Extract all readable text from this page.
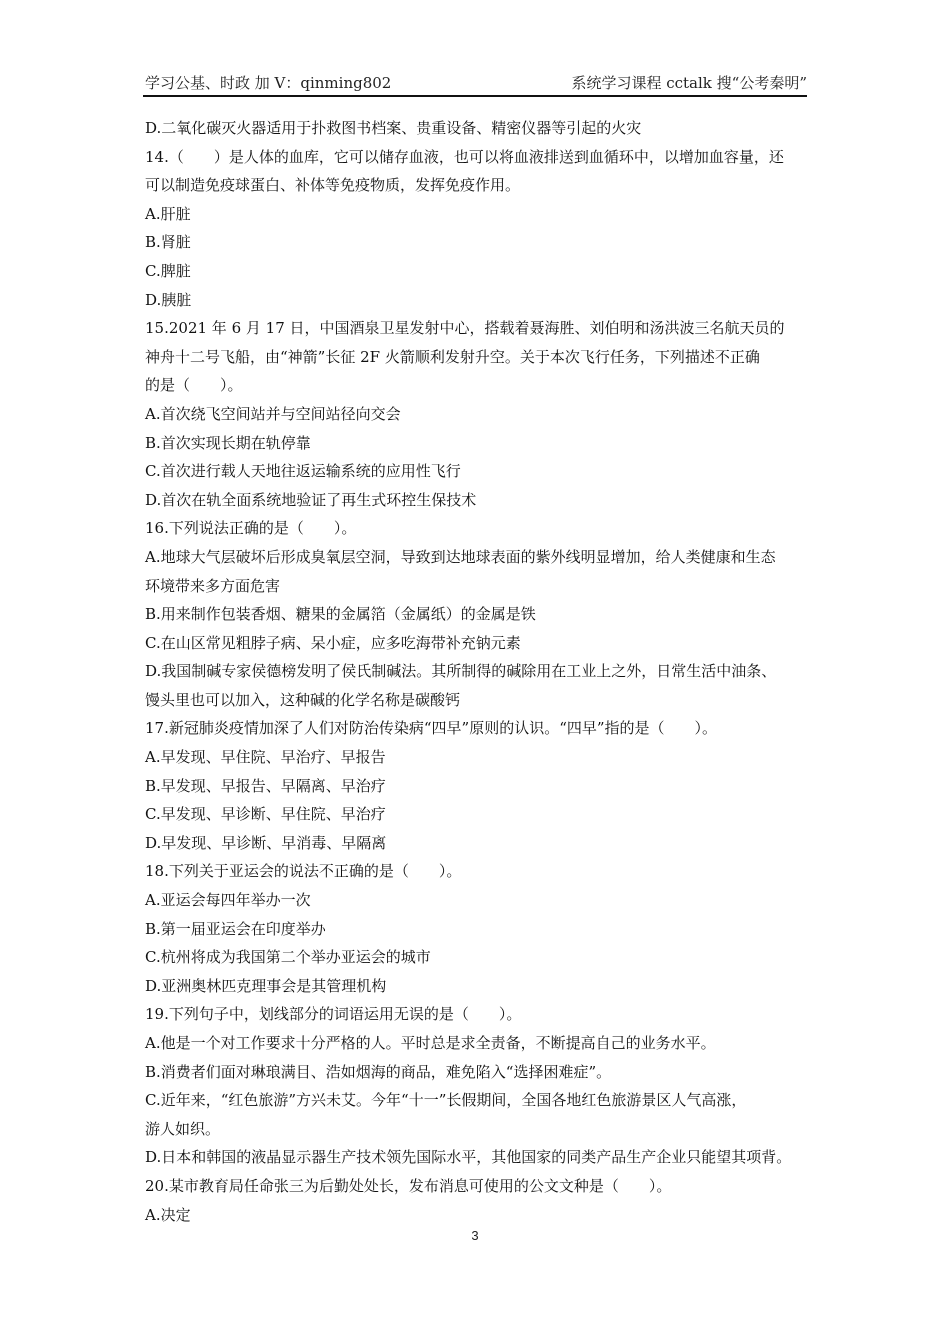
学习公基、时政 加 V：qinming802	系统学习课程 cctalk 搜“公考秦明”
D.二氧化碳灭火器适用于扑救图书档案、贵重设备、精密仪器等引起的火灾
14.（　　）是人体的血库，它可以储存血液，也可以将血液排送到血循环中，以增加血容量，还
可以制造免疫球蛋白、补体等免疫物质，发挥免疫作用。
A.肝脏
B.肾脏
C.脾脏
D.胰脏
15.2021 年 6 月 17 日，中国酒泉卫星发射中心，搭载着聂海胜、刘伯明和汤洪波三名航天员的
神舟十二号飞船，由“神箭”长征 2F 火箭顺利发射升空。关于本次飞行任务，下列描述不正确
的是（　　）。
A.首次绕飞空间站并与空间站径向交会
B.首次实现长期在轨停靠
C.首次进行载人天地往返运输系统的应用性飞行
D.首次在轨全面系统地验证了再生式环控生保技术
16.下列说法正确的是（　　）。
A.地球大气层破坏后形成臭氧层空洞，导致到达地球表面的紫外线明显增加，给人类健康和生态
环境带来多方面危害
B.用来制作包装香烟、糖果的金属箔（金属纸）的金属是铁
C.在山区常见粗脖子病、呆小症，应多吃海带补充钠元素
D.我国制碱专家侯德榜发明了侯氏制碱法。其所制得的碱除用在工业上之外，日常生活中油条、
馒头里也可以加入，这种碱的化学名称是碳酸钙
17.新冠肺炎疫情加深了人们对防治传染病“四早”原则的认识。“四早”指的是（　　）。
A.早发现、早住院、早治疗、早报告
B.早发现、早报告、早隔离、早治疗
C.早发现、早诊断、早住院、早治疗
D.早发现、早诊断、早消毒、早隔离
18.下列关于亚运会的说法不正确的是（　　）。
A.亚运会每四年举办一次
B.第一届亚运会在印度举办
C.杭州将成为我国第二个举办亚运会的城市
D.亚洲奥林匹克理事会是其管理机构
19.下列句子中，划线部分的词语运用无误的是（　　）。
A.他是一个对工作要求十分严格的人。平时总是求全责备，不断提高自己的业务水平。
B.消费者们面对琳琅满目、浩如烟海的商品，难免陷入“选择困难症”。
C.近年来，“红色旅游”方兴未艾。今年“十一”长假期间，全国各地红色旅游景区人气高涨，
游人如织。
D.日本和韩国的液晶显示器生产技术领先国际水平，其他国家的同类产品生产企业只能望其项背。
20.某市教育局任命张三为后勤处处长，发布消息可使用的公文文种是（　　）。
A.决定
3
